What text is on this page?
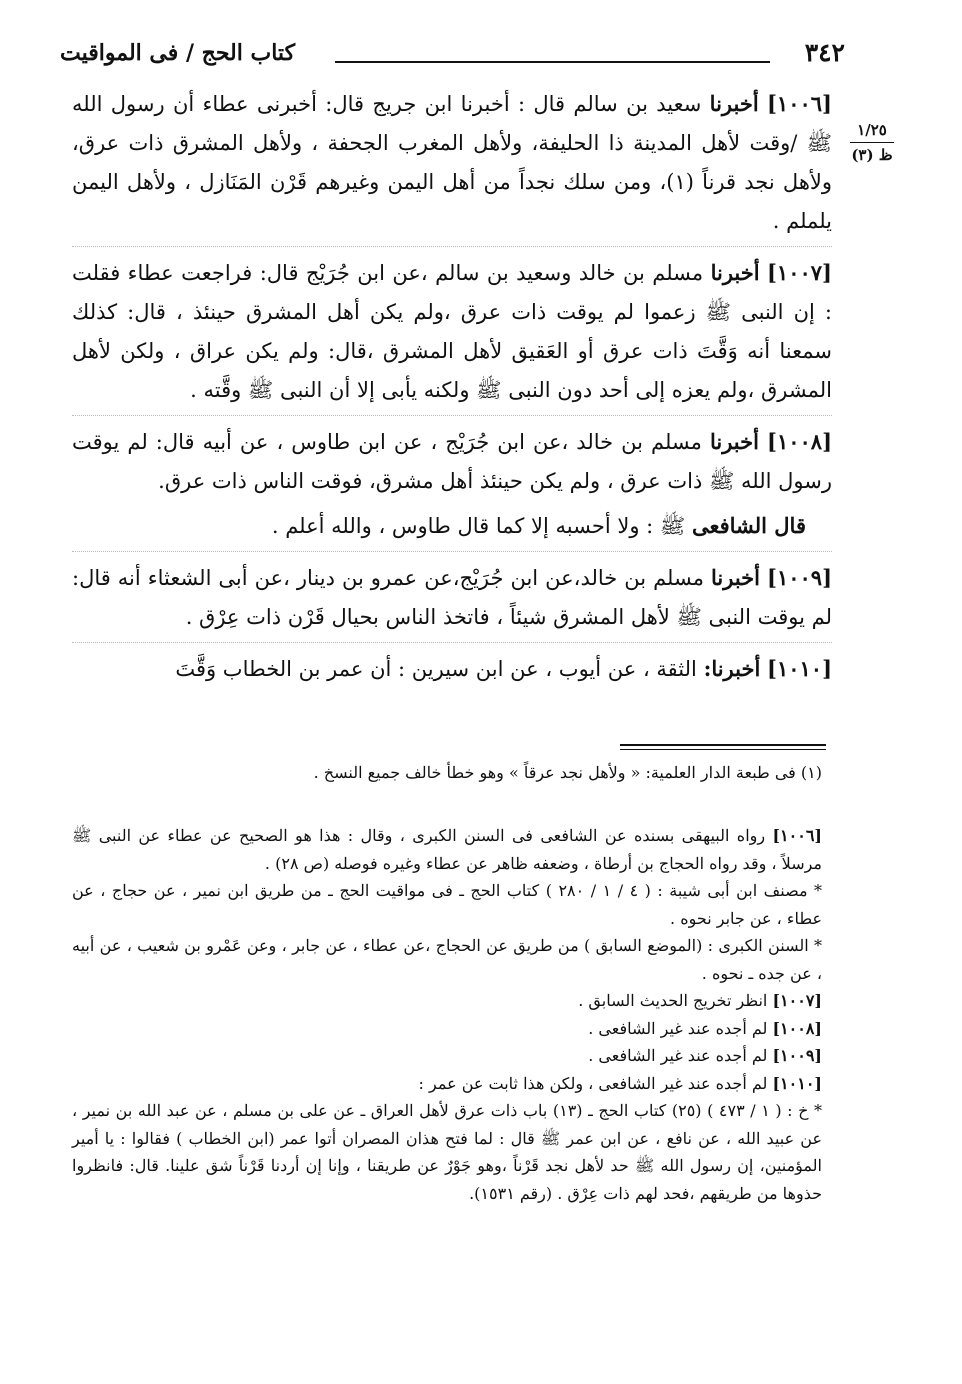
٣٤٢
كتاب الحج / فى المواقيت
١/٢٥
ظ (٣)

[١٠٠٦] أخبرنا سعيد بن سالم قال : أخبرنا ابن جريج قال: أخبرنى عطاء أن رسول الله ﷺ /وقت لأهل المدينة ذا الحليفة، ولأهل المغرب الجحفة ، ولأهل المشرق ذات عرق، ولأهل نجد قرناً (١)، ومن سلك نجداً من أهل اليمن وغيرهم قَرْن المَنَازل ، ولأهل اليمن يلملم .

[١٠٠٧] أخبرنا مسلم بن خالد وسعيد بن سالم ،عن ابن جُرَيْج قال: فراجعت عطاء فقلت : إن النبى ﷺ زعموا لم يوقت ذات عرق ،ولم يكن أهل المشرق حينئذ ، قال: كذلك سمعنا أنه وَقَّتَ ذات عرق أو العَقيق لأهل المشرق ،قال: ولم يكن عراق ، ولكن لأهل المشرق ،ولم يعزه إلى أحد دون النبى ﷺ ولكنه يأبى إلا أن النبى ﷺ وقَّته .

[١٠٠٨] أخبرنا مسلم بن خالد ،عن ابن جُرَيْج ، عن ابن طاوس ، عن أبيه قال: لم يوقت رسول الله ﷺ ذات عرق ، ولم يكن حينئذ أهل مشرق، فوقت الناس ذات عرق.

قال الشافعى ﷺ : ولا أحسبه إلا كما قال طاوس ، والله أعلم .

[١٠٠٩] أخبرنا مسلم بن خالد،عن ابن جُرَيْج،عن عمرو بن دينار ،عن أبى الشعثاء أنه قال: لم يوقت النبى ﷺ لأهل المشرق شيئاً ، فاتخذ الناس بحيال قَرْن ذات عِرْق .

[١٠١٠] أخبرنا: الثقة ، عن أيوب ، عن ابن سيرين : أن عمر بن الخطاب وَقَّتَ

(١) فى طبعة الدار العلمية: « ولأهل نجد عرقاً » وهو خطأ خالف جميع النسخ .

[١٠٠٦] رواه البيهقى بسنده عن الشافعى فى السنن الكبرى ، وقال : هذا هو الصحيح عن عطاء عن النبى ﷺ مرسلاً ، وقد رواه الحجاج بن أرطاة ، وضعفه ظاهر عن عطاء وغيره فوصله (ص ٢٨) .

* مصنف ابن أبى شيبة : ( ٤ / ١ / ٢٨٠ ) كتاب الحج ـ فى مواقيت الحج ـ من طريق ابن نمير ، عن حجاج ، عن عطاء ، عن جابر نحوه .

* السنن الكبرى : (الموضع السابق ) من طريق عن الحجاج ،عن عطاء ، عن جابر ، وعن عَمْرو بن شعيب ، عن أبيه ، عن جده ـ نحوه .

[١٠٠٧] انظر تخريج الحديث السابق .

[١٠٠٨] لم أجده عند غير الشافعى .

[١٠٠٩] لم أجده عند غير الشافعى .

[١٠١٠] لم أجده عند غير الشافعى ، ولكن هذا ثابت عن عمر :

* خ : ( ١ / ٤٧٣ ) (٢٥) كتاب الحج ـ (١٣) باب ذات عرق لأهل العراق ـ عن على بن مسلم ، عن عبد الله بن نمير ، عن عبيد الله ، عن نافع ، عن ابن عمر ﷺ قال : لما فتح هذان المصران أتوا عمر (ابن الخطاب ) فقالوا : يا أمير المؤمنين، إن رسول الله ﷺ حد لأهل نجد قَرْناً ،وهو جَوْرٌ عن طريقنا ، وإنا إن أردنا قَرْناً شق علينا. قال: فانظروا حذوها من طريقهم ،فحد لهم ذات عِرْق . (رقم ١٥٣١).
